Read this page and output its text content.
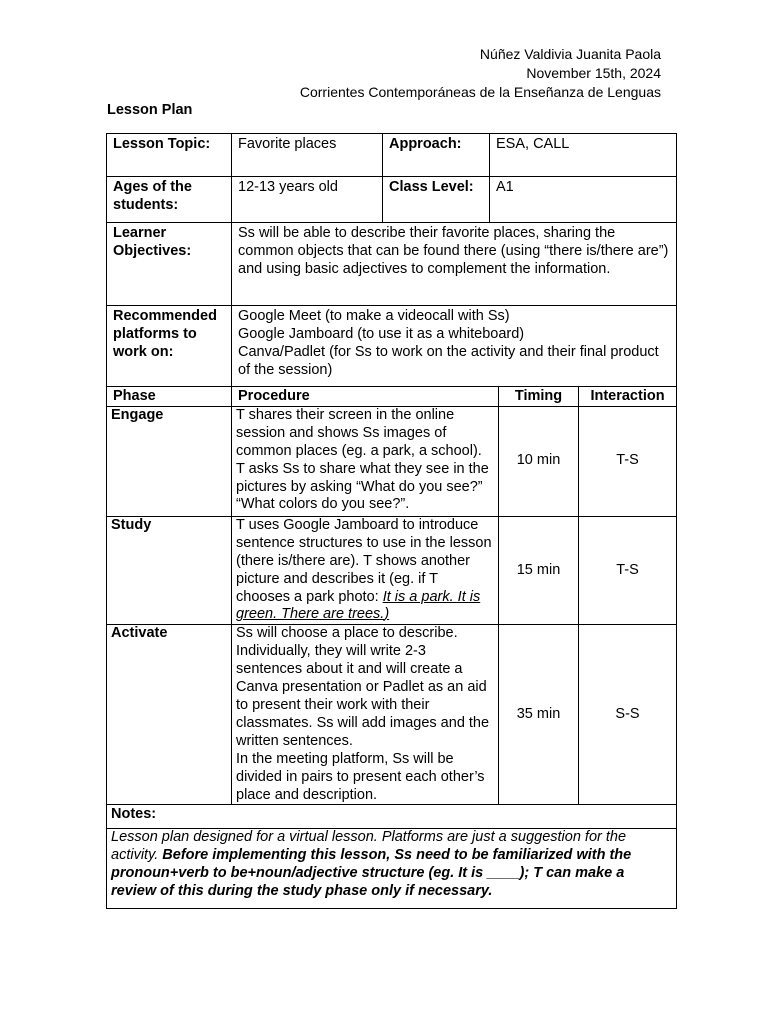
Núñez Valdivia Juanita Paola
November 15th, 2024
Corrientes Contemporáneas de la Enseñanza de Lenguas
Lesson Plan
Lesson Topic:	Favorite places	Approach:	ESA, CALL
Ages of the students:	12-13 years old	Class Level:	A1
Learner Objectives:	Ss will be able to describe their favorite places, sharing the common objects that can be found there (using “there is/there are”) and using basic adjectives to complement the information.		
Recommended platforms to work on:	Google Meet (to make a videocall with Ss)
Google Jamboard (to use it as a whiteboard)
Canva/Padlet (for Ss to work on the activity and their final product of the session)		
Phase	Procedure	Timing	Interaction
Engage	T shares their screen in the online session and shows Ss images of common places (eg. a park, a school). T asks Ss to share what they see in the pictures by asking “What do you see?” “What colors do you see?”.	10 min	T-S
Study	T uses Google Jamboard to introduce sentence structures to use in the lesson (there is/there are). T shows another picture and describes it (eg. if T chooses a park photo: It is a park. It is green. There are trees.)	15 min	T-S
Activate	Ss will choose a place to describe. Individually, they will write 2-3 sentences about it and will create a Canva presentation or Padlet as an aid to present their work with their classmates. Ss will add images and the written sentences.
In the meeting platform, Ss will be divided in pairs to present each other’s place and description.	35 min	S-S
Notes:			
Lesson plan designed for a virtual lesson. Platforms are just a suggestion for the activity. Before implementing this lesson, Ss need to be familiarized with the pronoun+verb to be+noun/adjective structure (eg. It is ____); T can make a review of this during the study phase only if necessary.			
